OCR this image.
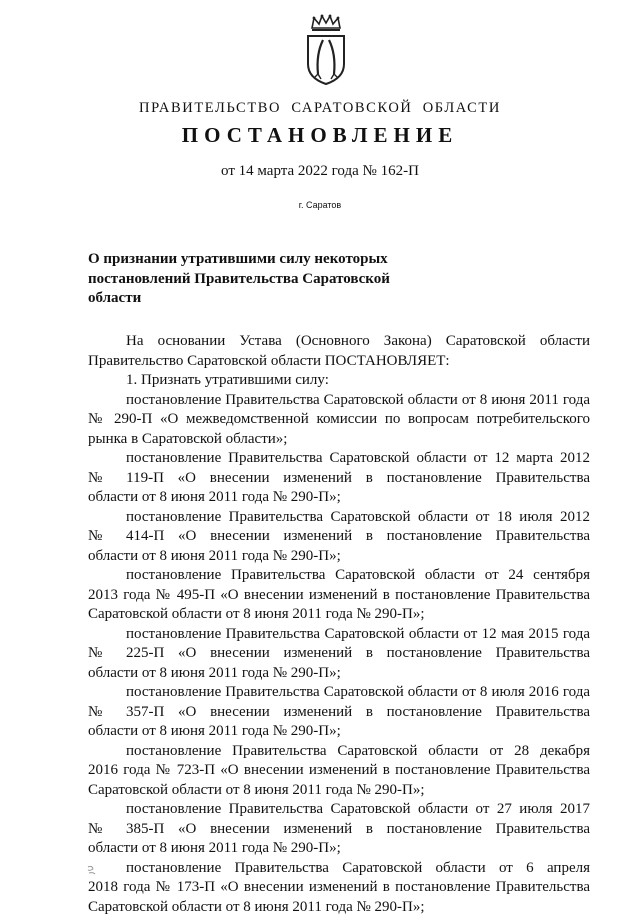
ПРАВИТЕЛЬСТВО САРАТОВСКОЙ ОБЛАСТИ
ПОСТАНОВЛЕНИЕ
от 14 марта 2022 года № 162-П
г. Саратов
О признании утратившими силу некоторых
постановлений Правительства Саратовской
области
На основании Устава (Основного Закона) Саратовской области
Правительство Саратовской области ПОСТАНОВЛЯЕТ:
1. Признать утратившими силу:
постановление Правительства Саратовской области от 8 июня 2011 года
№ 290-П «О межведомственной комиссии по вопросам потребительского
рынка в Саратовской области»;
постановление Правительства Саратовской области от 12 марта 2012
№ 119-П «О внесении изменений в постановление Правительства
области от 8 июня 2011 года № 290-П»;
постановление Правительства Саратовской области от 18 июля 2012
№ 414-П «О внесении изменений в постановление Правительства
области от 8 июня 2011 года № 290-П»;
постановление Правительства Саратовской области от 24 сентября
2013 года № 495-П «О внесении изменений в постановление Правительства
Саратовской области от 8 июня 2011 года № 290-П»;
постановление Правительства Саратовской области от 12 мая 2015 года
№ 225-П «О внесении изменений в постановление Правительства
области от 8 июня 2011 года № 290-П»;
постановление Правительства Саратовской области от 8 июля 2016 года
№ 357-П «О внесении изменений в постановление Правительства
области от 8 июня 2011 года № 290-П»;
постановление Правительства Саратовской области от 28 декабря
2016 года № 723-П «О внесении изменений в постановление Правительства
Саратовской области от 8 июня 2011 года № 290-П»;
постановление Правительства Саратовской области от 27 июля 2017
№ 385-П «О внесении изменений в постановление Правительства
области от 8 июня 2011 года № 290-П»;
постановление Правительства Саратовской области от 6 апреля
2018 года № 173-П «О внесении изменений в постановление Правительства
Саратовской области от 8 июня 2011 года № 290-П»;
